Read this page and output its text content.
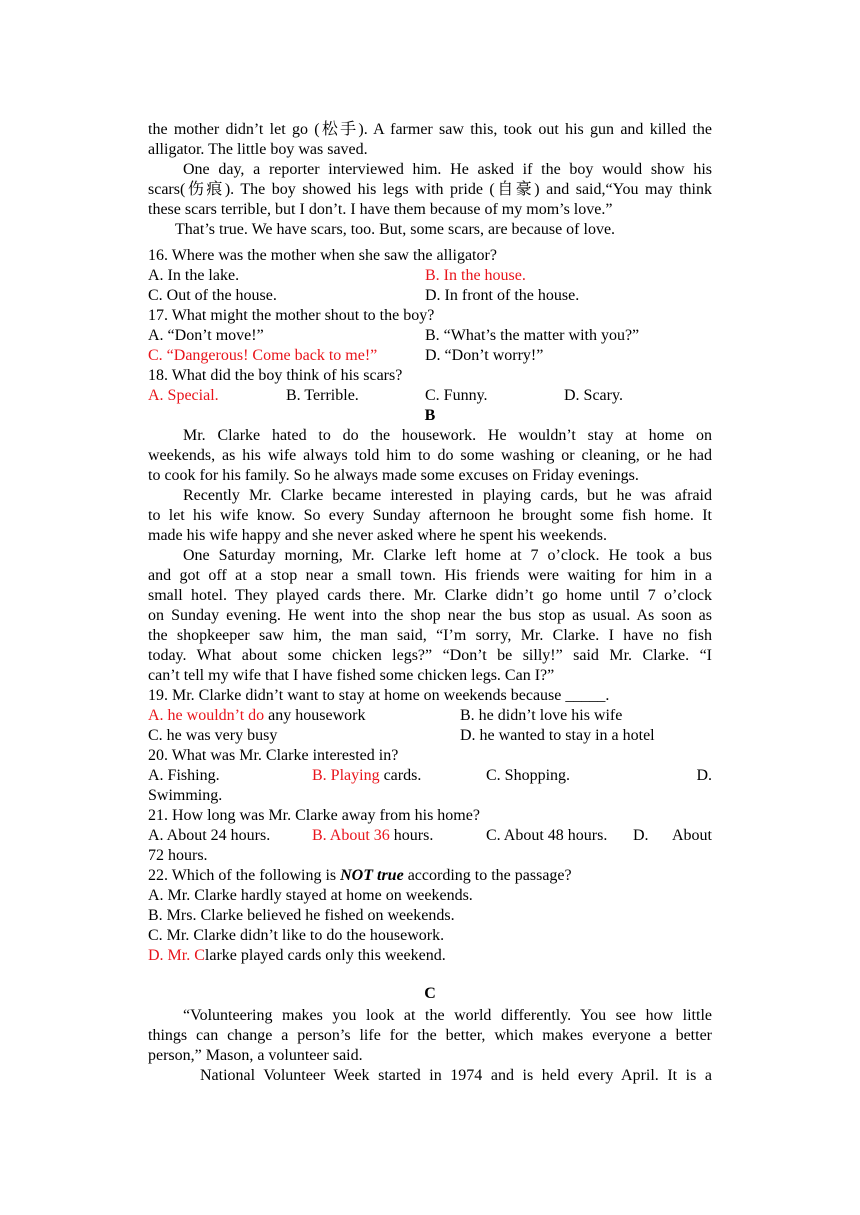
the mother didn’t let go (松手). A farmer saw this, took out his gun and killed the
alligator. The little boy was saved.
One day, a reporter interviewed him. He asked if the boy would show his
scars(伤痕). The boy showed his legs with pride (自豪) and said,“You may think
these scars terrible, but I don’t. I have them because of my mom’s love.”
That’s true. We have scars, too. But, some scars, are because of love.
16. Where was the mother when she saw the alligator?
A. In the lake.	B. In the house.
C. Out of the house.	D. In front of the house.
17. What might the mother shout to the boy?
A. “Don’t move!”	B. “What’s the matter with you?”
C. “Dangerous! Come back to me!”	D. “Don’t worry!”
18. What did the boy think of his scars?
A. Special.	B. Terrible.	C. Funny.	D. Scary.
B
Mr. Clarke hated to do the housework. He wouldn’t stay at home on
weekends, as his wife always told him to do some washing or cleaning, or he had
to cook for his family. So he always made some excuses on Friday evenings.
Recently Mr. Clarke became interested in playing cards, but he was afraid
to let his wife know. So every Sunday afternoon he brought some fish home. It
made his wife happy and she never asked where he spent his weekends.
One Saturday morning, Mr. Clarke left home at 7 o’clock. He took a bus
and got off at a stop near a small town. His friends were waiting for him in a
small hotel. They played cards there. Mr. Clarke didn’t go home until 7 o’clock
on Sunday evening. He went into the shop near the bus stop as usual. As soon as
the shopkeeper saw him, the man said, “I’m sorry, Mr. Clarke. I have no fish
today. What about some chicken legs?” “Don’t be silly!” said Mr. Clarke. “I
can’t tell my wife that I have fished some chicken legs. Can I?”
19. Mr. Clarke didn’t want to stay at home on weekends because _____.
A. he wouldn’t do any housework	B. he didn’t love his wife
C. he was very busy	D. he wanted to stay in a hotel
20. What was Mr. Clarke interested in?
A. Fishing.	B. Playing cards.	C. Shopping.	D.
Swimming.
21. How long was Mr. Clarke away from his home?
A. About 24 hours.	B. About 36 hours.	C. About 48 hours. D. About
72 hours.
22. Which of the following is NOT true according to the passage?
A. Mr. Clarke hardly stayed at home on weekends.
B. Mrs. Clarke believed he fished on weekends.
C. Mr. Clarke didn’t like to do the housework.
D. Mr. Clarke played cards only this weekend.
C
“Volunteering makes you look at the world differently. You see how little
things can change a person’s life for the better, which makes everyone a better
person,” Mason, a volunteer said.
National Volunteer Week started in 1974 and is held every April. It is a
